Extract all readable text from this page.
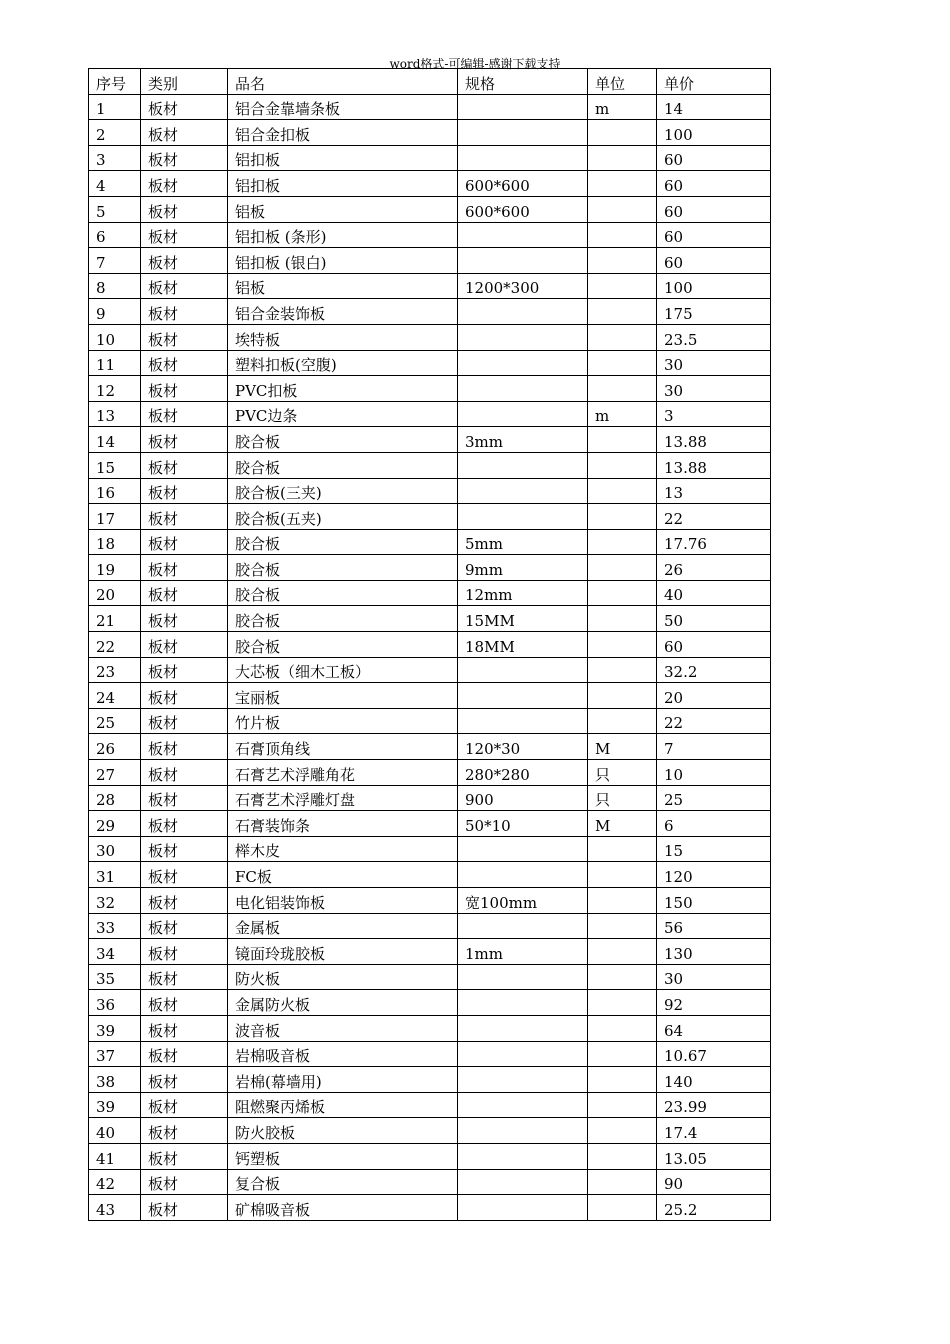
word格式-可编辑-感谢下载支持
序号	类别	品名	规格	单位	单价
1	板材	铝合金靠墙条板		m	14
2	板材	铝合金扣板			100
3	板材	铝扣板			60
4	板材	铝扣板	600*600		60
5	板材	铝板	600*600		60
6	板材	铝扣板 (条形)			60
7	板材	铝扣板 (银白)			60
8	板材	铝板	1200*300		100
9	板材	铝合金装饰板			175
10	板材	埃特板			23.5
11	板材	塑料扣板(空腹)			30
12	板材	PVC扣板			30
13	板材	PVC边条		m	3
14	板材	胶合板	3mm		13.88
15	板材	胶合板			13.88
16	板材	胶合板(三夹)			13
17	板材	胶合板(五夹)			22
18	板材	胶合板	5mm		17.76
19	板材	胶合板	9mm		26
20	板材	胶合板	12mm		40
21	板材	胶合板	15MM		50
22	板材	胶合板	18MM		60
23	板材	大芯板（细木工板）			32.2
24	板材	宝丽板			20
25	板材	竹片板			22
26	板材	石膏顶角线	120*30	M	7
27	板材	石膏艺术浮雕角花	280*280	只	10
28	板材	石膏艺术浮雕灯盘	900	只	25
29	板材	石膏装饰条	50*10	M	6
30	板材	榉木皮			15
31	板材	FC板			120
32	板材	电化铝装饰板	宽100mm		150
33	板材	金属板			56
34	板材	镜面玲珑胶板	1mm		130
35	板材	防火板			30
36	板材	金属防火板			92
39	板材	波音板			64
37	板材	岩棉吸音板			10.67
38	板材	岩棉(幕墙用)			140
39	板材	阻燃聚丙烯板			23.99
40	板材	防火胶板			17.4
41	板材	钙塑板			13.05
42	板材	复合板			90
43	板材	矿棉吸音板			25.2
